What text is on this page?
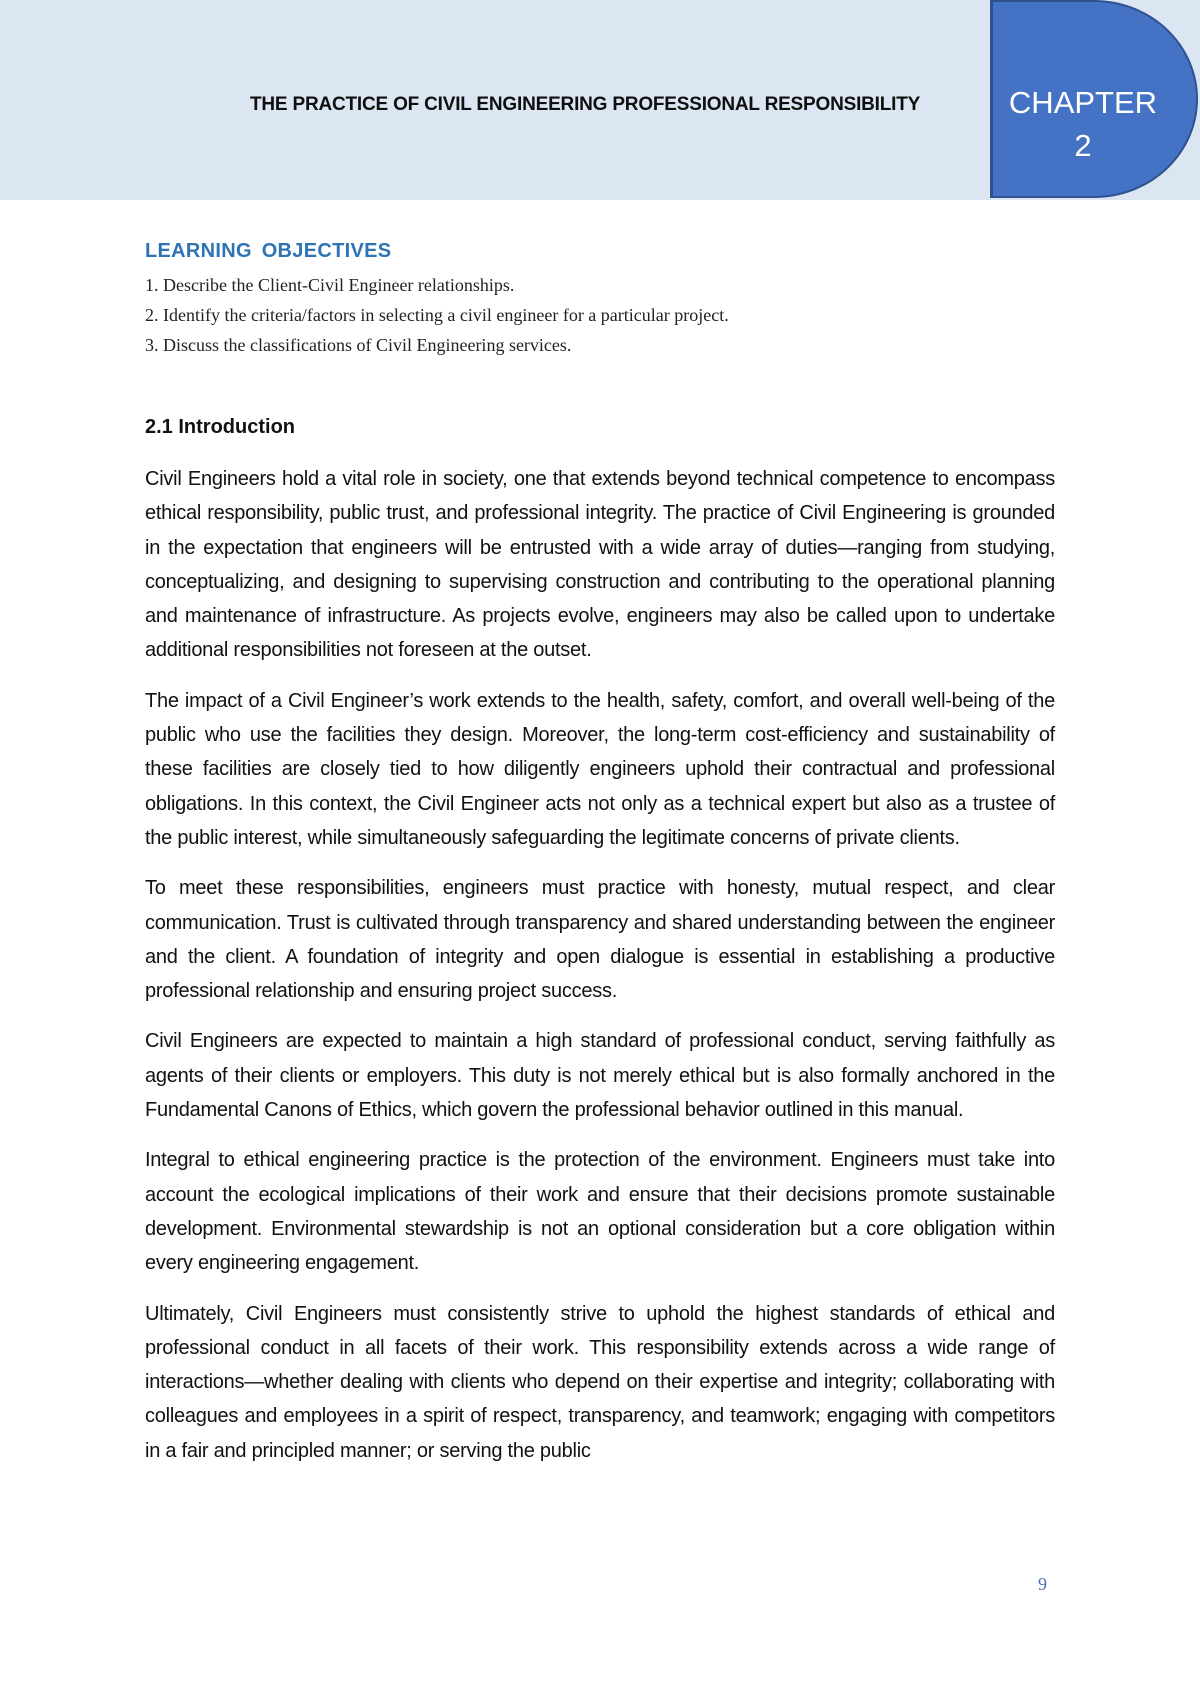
THE PRACTICE OF CIVIL ENGINEERING PROFESSIONAL RESPONSIBILITY	CHAPTER
2
LEARNING OBJECTIVES
1. Describe the Client-Civil Engineer relationships.
2. Identify the criteria/factors in selecting a civil engineer for a particular project.
3. Discuss the classifications of Civil Engineering services.
2.1 Introduction

Civil Engineers hold a vital role in society, one that extends beyond technical competence to encompass ethical responsibility, public trust, and professional integrity. The practice of Civil Engineering is grounded in the expectation that engineers will be entrusted with a wide array of duties—ranging from studying, conceptualizing, and designing to supervising construction and contributing to the operational planning and maintenance of infrastructure. As projects evolve, engineers may also be called upon to undertake additional responsibilities not foreseen at the outset.

The impact of a Civil Engineer’s work extends to the health, safety, comfort, and overall well-being of the public who use the facilities they design. Moreover, the long-term cost-efficiency and sustainability of these facilities are closely tied to how diligently engineers uphold their contractual and professional obligations. In this context, the Civil Engineer acts not only as a technical expert but also as a trustee of the public interest, while simultaneously safeguarding the legitimate concerns of private clients.

To meet these responsibilities, engineers must practice with honesty, mutual respect, and clear communication. Trust is cultivated through transparency and shared understanding between the engineer and the client. A foundation of integrity and open dialogue is essential in establishing a productive professional relationship and ensuring project success.

Civil Engineers are expected to maintain a high standard of professional conduct, serving faithfully as agents of their clients or employers. This duty is not merely ethical but is also formally anchored in the Fundamental Canons of Ethics, which govern the professional behavior outlined in this manual.

Integral to ethical engineering practice is the protection of the environment. Engineers must take into account the ecological implications of their work and ensure that their decisions promote sustainable development. Environmental stewardship is not an optional consideration but a core obligation within every engineering engagement.

Ultimately, Civil Engineers must consistently strive to uphold the highest standards of ethical and professional conduct in all facets of their work. This responsibility extends across a wide range of interactions—whether dealing with clients who depend on their expertise and integrity; collaborating with colleagues and employees in a spirit of respect, transparency, and teamwork; engaging with competitors in a fair and principled manner; or serving the public

9
